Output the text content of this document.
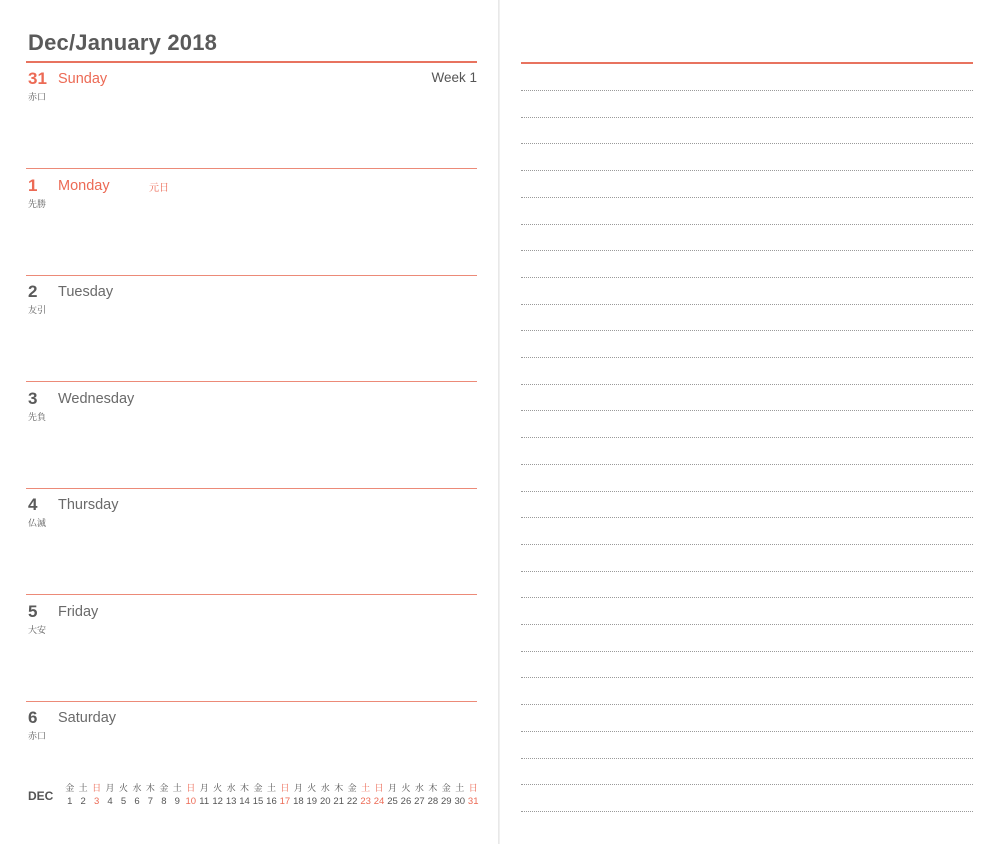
Dec/January 2018
31
赤口
Sunday	Week 1
1
先勝
Monday	元日
2
友引
Tuesday
3
先負
Wednesday
4
仏滅
Thursday
5
大安
Friday
6
赤口
Saturday
DEC
金
1
土
2
日
3
月
4
火
5
水
6
木
7
金
8
土
9
日
10
月
11
火
12
水
13
木
14
金
15
土
16
日
17
月
18
火
19
水
20
木
21
金
22
土
23
日
24
月
25
火
26
水
27
木
28
金
29
土
30
日
31
